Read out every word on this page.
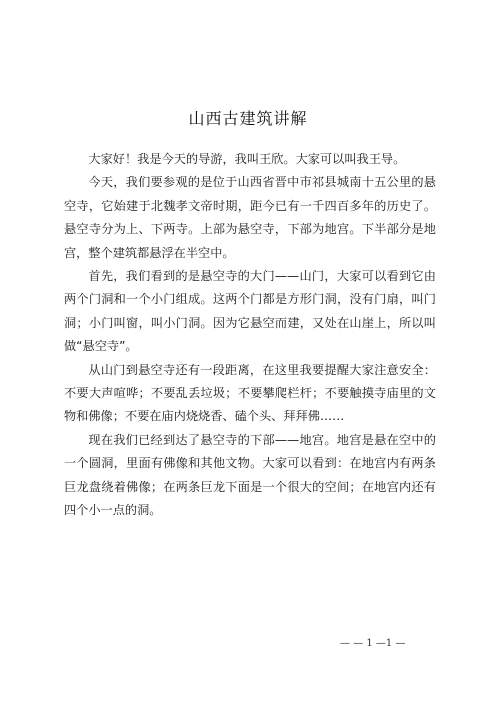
山西古建筑讲解

大家好！我是今天的导游，我叫王欣。大家可以叫我王导。

今天，我们要参观的是位于山西省晋中市祁县城南十五公里的悬空寺，它始建于北魏孝文帝时期，距今已有一千四百多年的历史了。悬空寺分为上、下两寺。上部为悬空寺，下部为地宫。下半部分是地宫，整个建筑都悬浮在半空中。

首先，我们看到的是悬空寺的大门——山门，大家可以看到它由两个门洞和一个小门组成。这两个门都是方形门洞，没有门扇，叫门洞；小门叫窗，叫小门洞。因为它悬空而建，又处在山崖上，所以叫做“悬空寺”。

从山门到悬空寺还有一段距离，在这里我要提醒大家注意安全：不要大声喧哗；不要乱丢垃圾；不要攀爬栏杆；不要触摸寺庙里的文物和佛像；不要在庙内烧烧香、磕个头、拜拜佛……

现在我们已经到达了悬空寺的下部——地宫。地宫是悬在空中的一个圆洞，里面有佛像和其他文物。大家可以看到：在地宫内有两条巨龙盘绕着佛像；在两条巨龙下面是一个很大的空间；在地宫内还有四个小一点的洞。

— — 1 —1 —
